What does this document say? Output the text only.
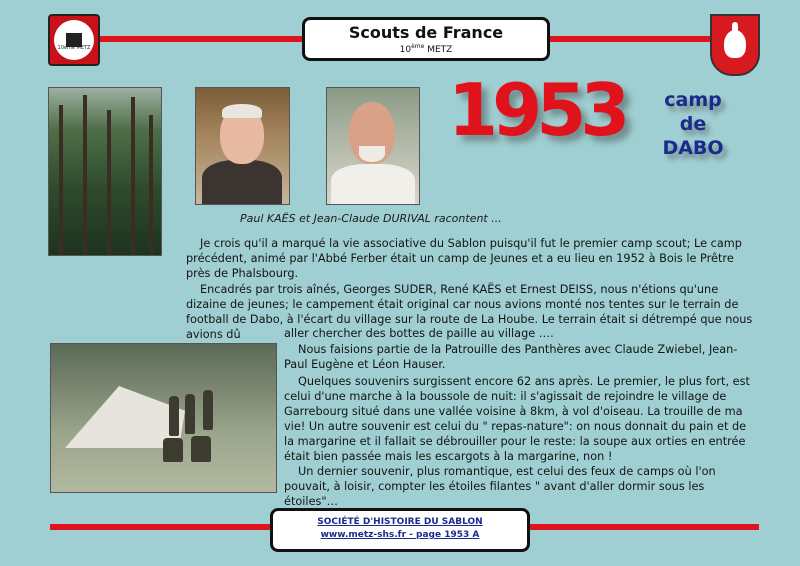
10ème METZ
Scouts de France
10ème METZ
1953	camp
de
DABO
Paul KAËS et Jean-Claude DURIVAL racontent ...

Je crois qu'il a marqué la vie associative du Sablon puisqu'il fut le premier camp scout; Le camp précédent, animé par l'Abbé Ferber était un camp de Jeunes et a eu lieu en 1952 à Bois le Prêtre près de Phalsbourg.

Encadrés par trois aînés, Georges SUDER, René KAËS et Ernest DEISS, nous n'étions qu'une dizaine de jeunes; le campement était original car nous avions monté nos tentes sur le terrain de football de Dabo, à l'écart du village sur la route de La Hoube. Le terrain était si détrempé que nous avions dû	aller chercher des bottes de paille au village ….

Nous faisions partie de la Patrouille des Panthères avec Claude Zwiebel, Jean-Paul Eugène et Léon Hauser.

Quelques souvenirs surgissent encore 62 ans après. Le premier, le plus fort, est celui d'une marche à la boussole de nuit: il s'agissait de rejoindre le village de Garrebourg situé dans une vallée voisine à 8km, à vol d'oiseau. La trouille de ma vie! Un autre souvenir est celui du " repas-nature": on nous donnait du pain et de la margarine et il fallait se débrouiller pour le reste: la soupe aux orties en entrée était bien passée mais les escargots à la margarine, non !

Un dernier souvenir, plus romantique, est celui des feux de camps où l'on pouvait, à loisir, compter les étoiles filantes " avant d'aller dormir sous les étoiles"…

SOCIÉTÉ D'HISTOIRE DU SABLON
www.metz-shs.fr - page 1953 A
